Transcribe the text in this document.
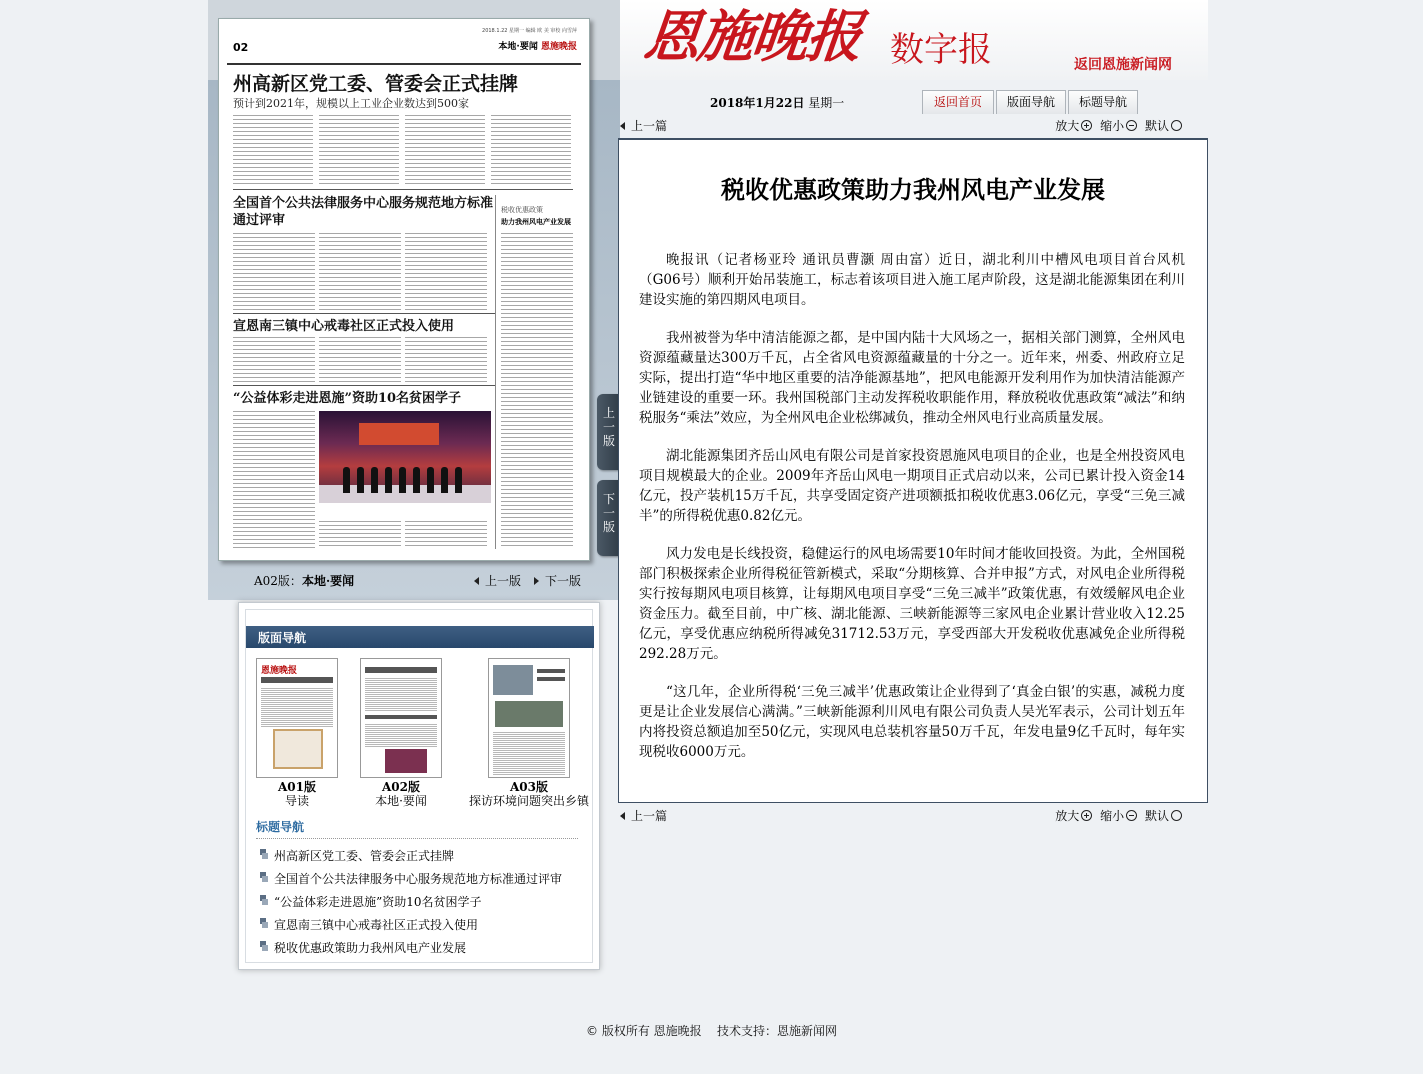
02
2018.1.22 星期一 编辑 欧 美 审校 向雪萍
本地·要闻 恩施晚报
州高新区党工委、管委会正式挂牌
预计到2021年，规模以上工业企业数达到500家
全国首个公共法律服务中心服务规范地方标准通过评审
税收优惠政策
助力我州风电产业发展
宣恩南三镇中心戒毒社区正式投入使用
“公益体彩走进恩施”资助10名贫困学子
A02版：本地·要闻	上一版	下一版
版面导航
恩施晚报
A01版
导读
A02版
本地·要闻
A03版
探访环境问题突出乡镇
标题导航
州高新区党工委、管委会正式挂牌
全国首个公共法律服务中心服务规范地方标准通过评审
“公益体彩走进恩施”资助10名贫困学子
宣恩南三镇中心戒毒社区正式投入使用
税收优惠政策助力我州风电产业发展
恩施晚报 数字报	返回恩施新闻网
2018年1月22日 星期一	返回首页	版面导航	标题导航
上一篇	放大 缩小 默认
上
一
版
下
一
版
税收优惠政策助力我州风电产业发展

晚报讯（记者杨亚玲 通讯员曹灏 周由富）近日，湖北利川中槽风电项目首台风机（G06号）顺利开始吊装施工，标志着该项目进入施工尾声阶段，这是湖北能源集团在利川建设实施的第四期风电项目。

我州被誉为华中清洁能源之都，是中国内陆十大风场之一，据相关部门测算，全州风电资源蕴藏量达300万千瓦，占全省风电资源蕴藏量的十分之一。近年来，州委、州政府立足实际，提出打造“华中地区重要的洁净能源基地”，把风电能源开发利用作为加快清洁能源产业链建设的重要一环。我州国税部门主动发挥税收职能作用，释放税收优惠政策“减法”和纳税服务“乘法”效应，为全州风电企业松绑减负，推动全州风电行业高质量发展。

湖北能源集团齐岳山风电有限公司是首家投资恩施风电项目的企业，也是全州投资风电项目规模最大的企业。2009年齐岳山风电一期项目正式启动以来，公司已累计投入资金14亿元，投产装机15万千瓦，共享受固定资产进项额抵扣税收优惠3.06亿元，享受“三免三减半”的所得税优惠0.82亿元。

风力发电是长线投资，稳健运行的风电场需要10年时间才能收回投资。为此，全州国税部门积极探索企业所得税征管新模式，采取“分期核算、合并申报”方式，对风电企业所得税实行按每期风电项目核算，让每期风电项目享受“三免三减半”政策优惠，有效缓解风电企业资金压力。截至目前，中广核、湖北能源、三峡新能源等三家风电企业累计营业收入12.25亿元，享受优惠应纳税所得减免31712.53万元，享受西部大开发税收优惠减免企业所得税292.28万元。

“这几年，企业所得税‘三免三减半’优惠政策让企业得到了‘真金白银’的实惠，减税力度更是让企业发展信心满满。”三峡新能源利川风电有限公司负责人吴光军表示，公司计划五年内将投资总额追加至50亿元，实现风电总装机容量50万千瓦，年发电量9亿千瓦时，每年实现税收6000万元。

上一篇	放大 缩小 默认
© 版权所有 恩施晚报 技术支持：恩施新闻网
